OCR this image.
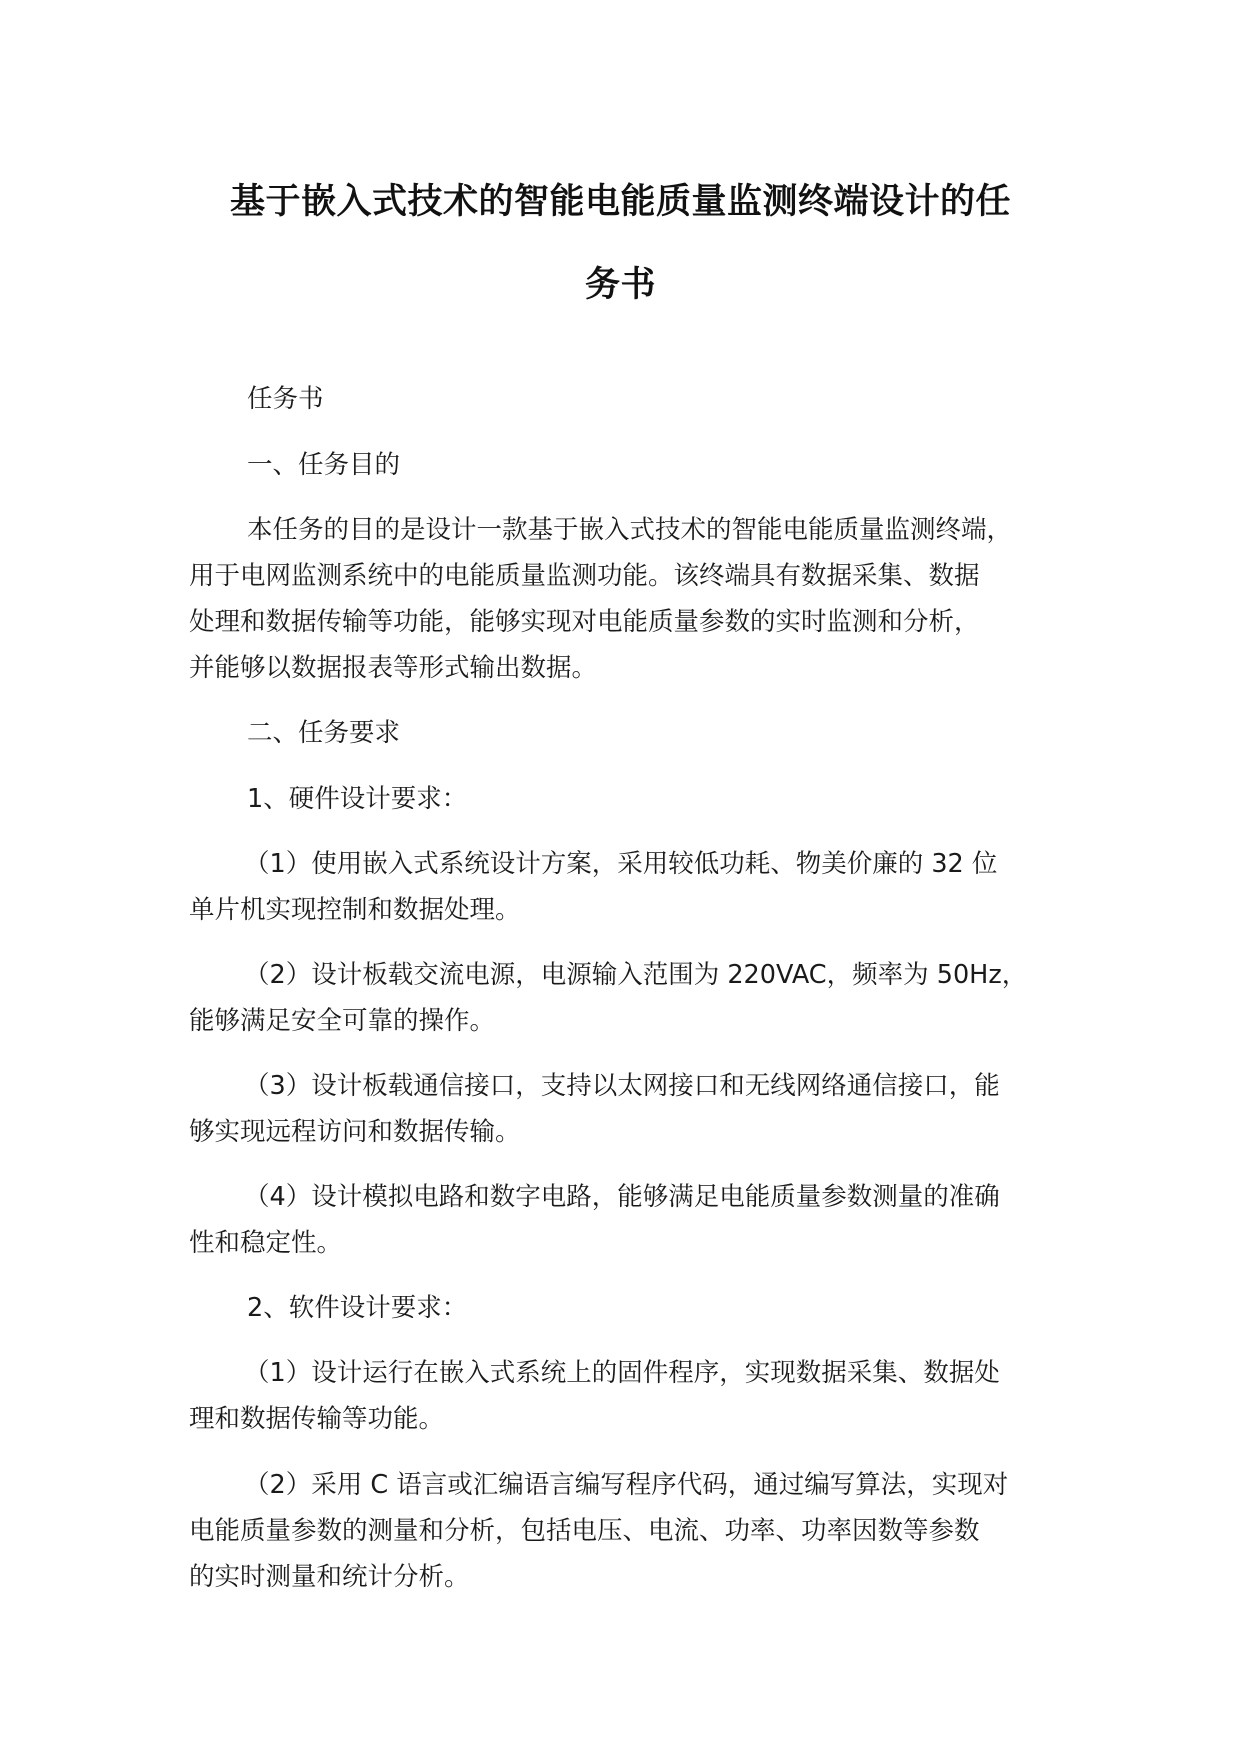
基于嵌入式技术的智能电能质量监测终端设计的任
务书
任务书
一、任务目的
本任务的目的是设计一款基于嵌入式技术的智能电能质量监测终端，
用于电网监测系统中的电能质量监测功能。该终端具有数据采集、数据
处理和数据传输等功能，能够实现对电能质量参数的实时监测和分析，
并能够以数据报表等形式输出数据。
二、任务要求
1、硬件设计要求：
（1）使用嵌入式系统设计方案，采用较低功耗、物美价廉的 32 位
单片机实现控制和数据处理。
（2）设计板载交流电源，电源输入范围为 220VAC，频率为 50Hz，
能够满足安全可靠的操作。
（3）设计板载通信接口，支持以太网接口和无线网络通信接口，能
够实现远程访问和数据传输。
（4）设计模拟电路和数字电路，能够满足电能质量参数测量的准确
性和稳定性。
2、软件设计要求：
（1）设计运行在嵌入式系统上的固件程序，实现数据采集、数据处
理和数据传输等功能。
（2）采用 C 语言或汇编语言编写程序代码，通过编写算法，实现对
电能质量参数的测量和分析，包括电压、电流、功率、功率因数等参数
的实时测量和统计分析。
